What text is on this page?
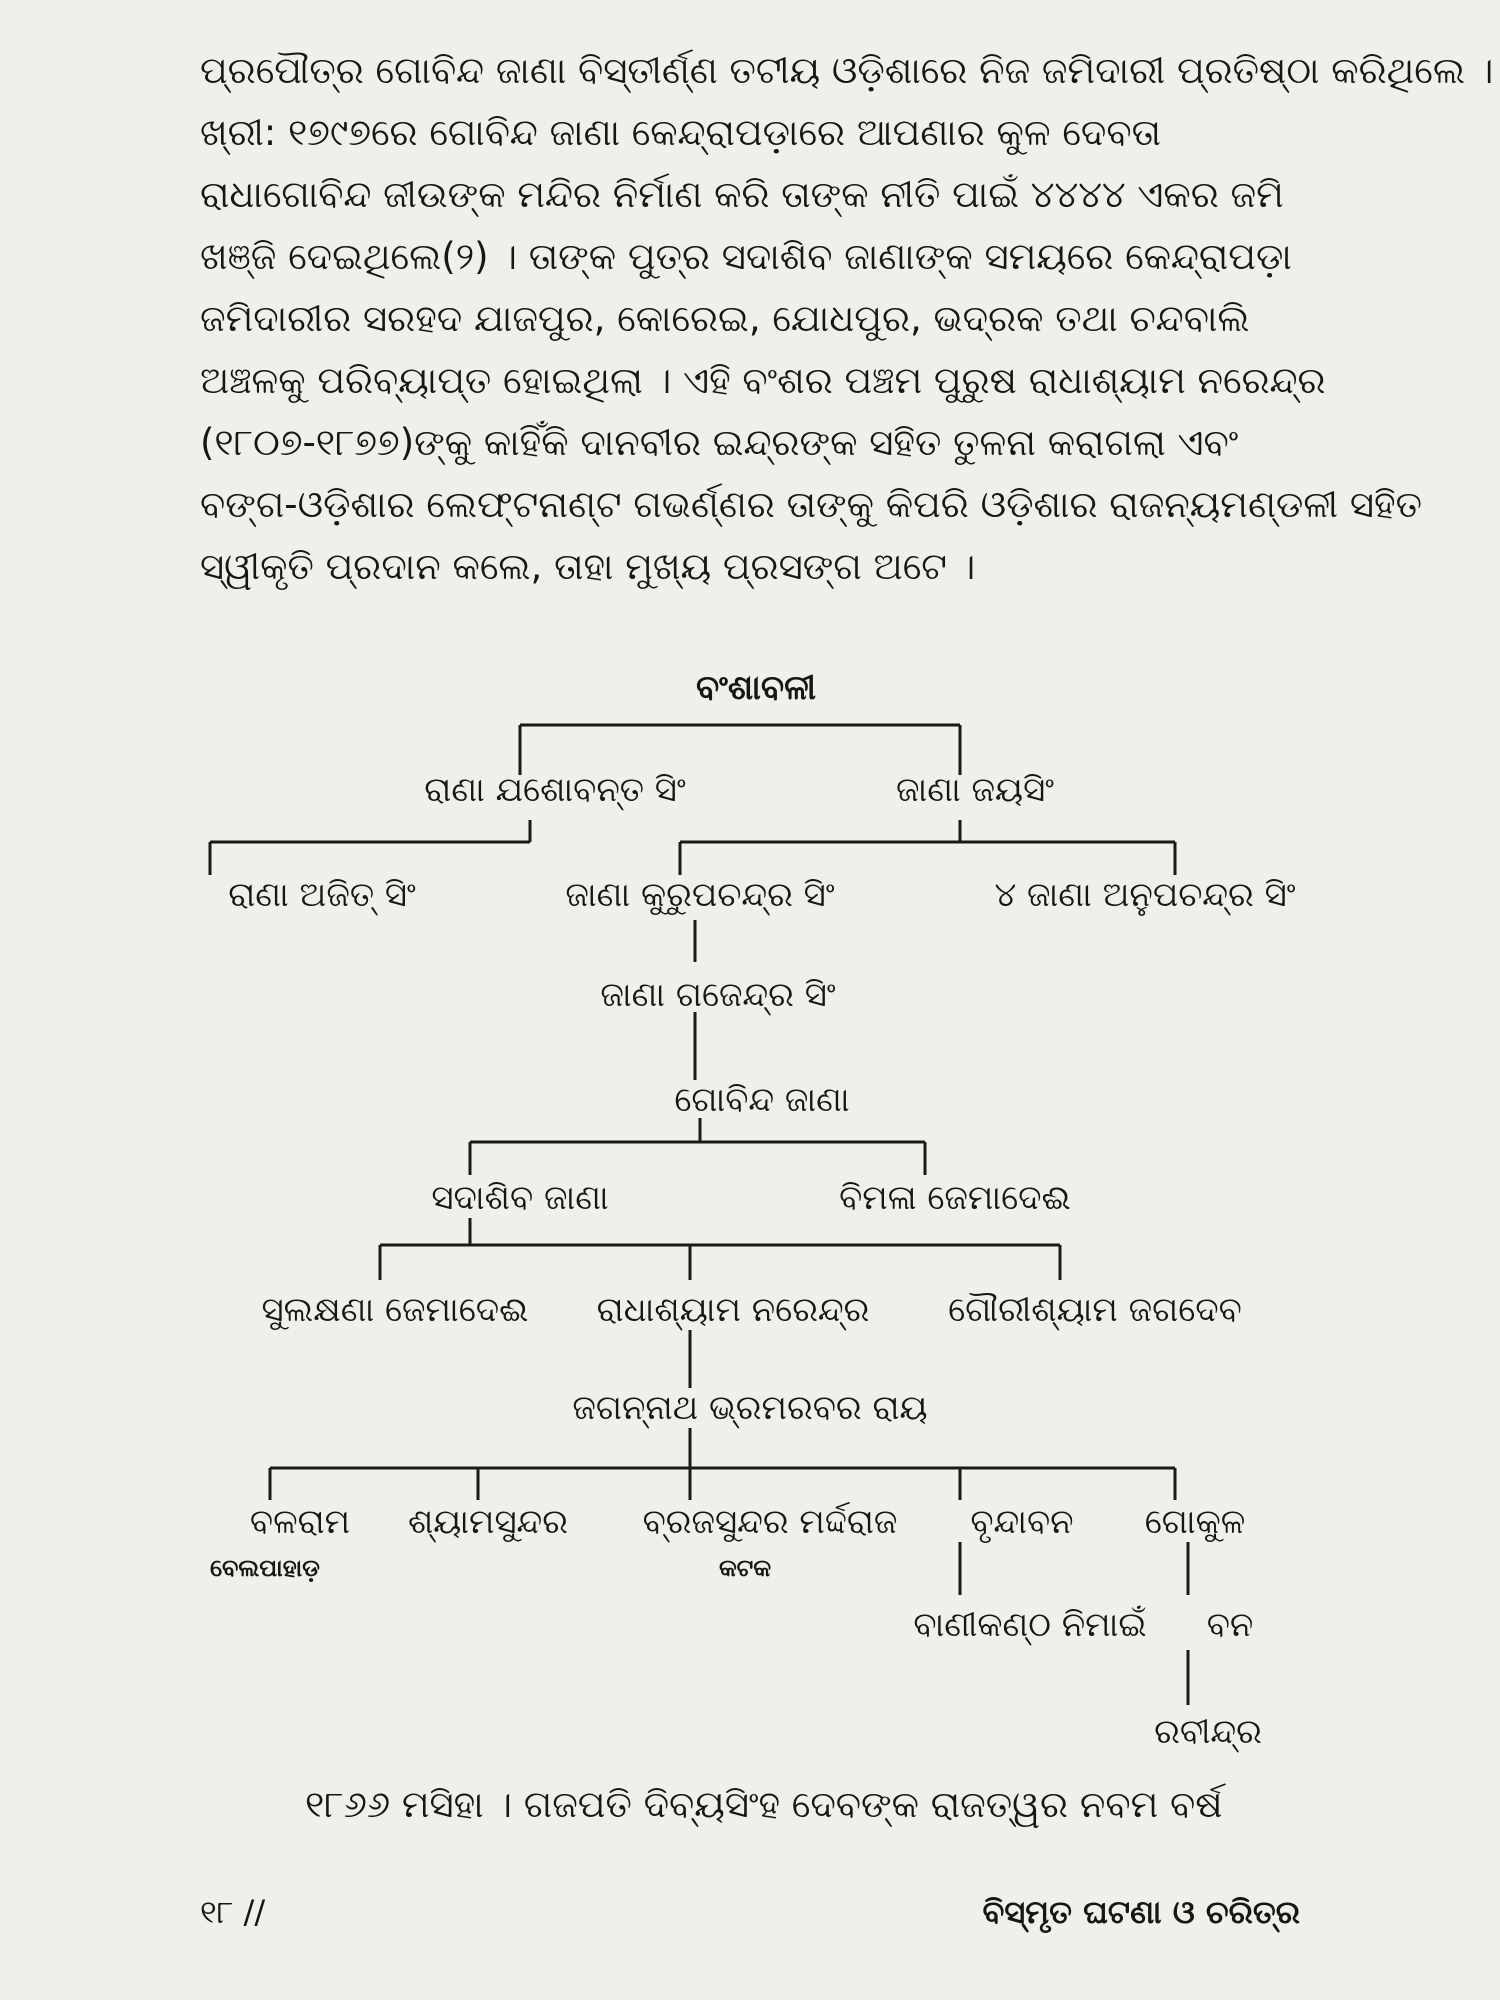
ପ୍ରପୌତ୍ର ଗୋବିନ୍ଦ ଜାଣା ବିସ୍ତୀର୍ଣ୍ଣ ତଟୀୟ ଓଡ଼ିଶାରେ ନିଜ ଜମିଦାରୀ ପ୍ରତିଷ୍ଠା କରିଥିଲେ ।
ଖ୍ରୀ: ୧୭୯୭ରେ ଗୋବିନ୍ଦ ଜାଣା କେନ୍ଦ୍ରାପଡ଼ାରେ ଆପଣାର କୁଳ ଦେବତା
ରାଧାଗୋବିନ୍ଦ ଜୀଉଙ୍କ ମନ୍ଦିର ନିର୍ମାଣ କରି ତାଙ୍କ ନୀତି ପାଇଁ ୪୪୪୪ ଏକର ଜମି
ଖଞ୍ଜି ଦେଇଥିଲେ(୨) । ତାଙ୍କ ପୁତ୍ର ସଦାଶିବ ଜାଣାଙ୍କ ସମୟରେ କେନ୍ଦ୍ରାପଡ଼ା
ଜମିଦାରୀର ସରହଦ ଯାଜପୁର, କୋରେଇ, ଯୋଧପୁର, ଭଦ୍ରକ ତଥା ଚନ୍ଦବାଲି
ଅଞ୍ଚଳକୁ ପରିବ୍ୟାପ୍ତ ହୋଇଥିଲା । ଏହି ବଂଶର ପଞ୍ଚମ ପୁରୁଷ ରାଧାଶ୍ୟାମ ନରେନ୍ଦ୍ର
(୧୮୦୭-୧୮୭୭)ଙ୍କୁ କାହିଁକି ଦାନବୀର ଇନ୍ଦ୍ରଙ୍କ ସହିତ ତୁଳନା କରାଗଲା ଏବଂ
ବଙ୍ଗ-ଓଡ଼ିଶାର ଲେଫ୍ଟନାଣ୍ଟ ଗଭର୍ଣ୍ଣର ତାଙ୍କୁ କିପରି ଓଡ଼ିଶାର ରାଜନ୍ୟମଣ୍ଡଳୀ ସହିତ
ସ୍ୱୀକୃତି ପ୍ରଦାନ କଲେ, ତାହା ମୁଖ୍ୟ ପ୍ରସଙ୍ଗ ଅଟେ ।
ବଂଶାବଳୀ
ରାଣା ଯଶୋବନ୍ତ ସିଂ	ଜାଣା ଜୟସିଂ
ରାଣା ଅଜିତ୍ ସିଂ	ଜାଣା କୁରୁପଚନ୍ଦ୍ର ସିଂ	୪ ଜାଣା ଅନୁପଚନ୍ଦ୍ର ସିଂ
ଜାଣା ଗଜେନ୍ଦ୍ର ସିଂ
ଗୋବିନ୍ଦ ଜାଣା
ସଦାଶିବ ଜାଣା	ବିମଳା ଜେମାଦେଈ
ସୁଲକ୍ଷଣା ଜେମାଦେଈ ରାଧାଶ୍ୟାମ ନରେନ୍ଦ୍ର ଗୌରୀଶ୍ୟାମ ଜଗଦେବ
ଜଗନ୍ନାଥ ଭ୍ରମରବର ରାୟ
ବଳରାମ
ବେଲପାହାଡ଼
ଶ୍ୟାମସୁନ୍ଦର ବ୍ରଜସୁନ୍ଦର ମର୍ଦ୍ଦରାଜ
କଟକ
ବୃନ୍ଦାବନ ଗୋକୁଳ
ବାଣୀକଣ୍ଠ ନିମାଇଁ ବନ
ରବୀନ୍ଦ୍ର
୧୮୬୬ ମସିହା । ଗଜପତି ଦିବ୍ୟସିଂହ ଦେବଙ୍କ ରାଜତ୍ୱର ନବମ ବର୍ଷ
୧୮ //	ବିସ୍ମୃତ ଘଟଣା ଓ ଚରିତ୍ର
